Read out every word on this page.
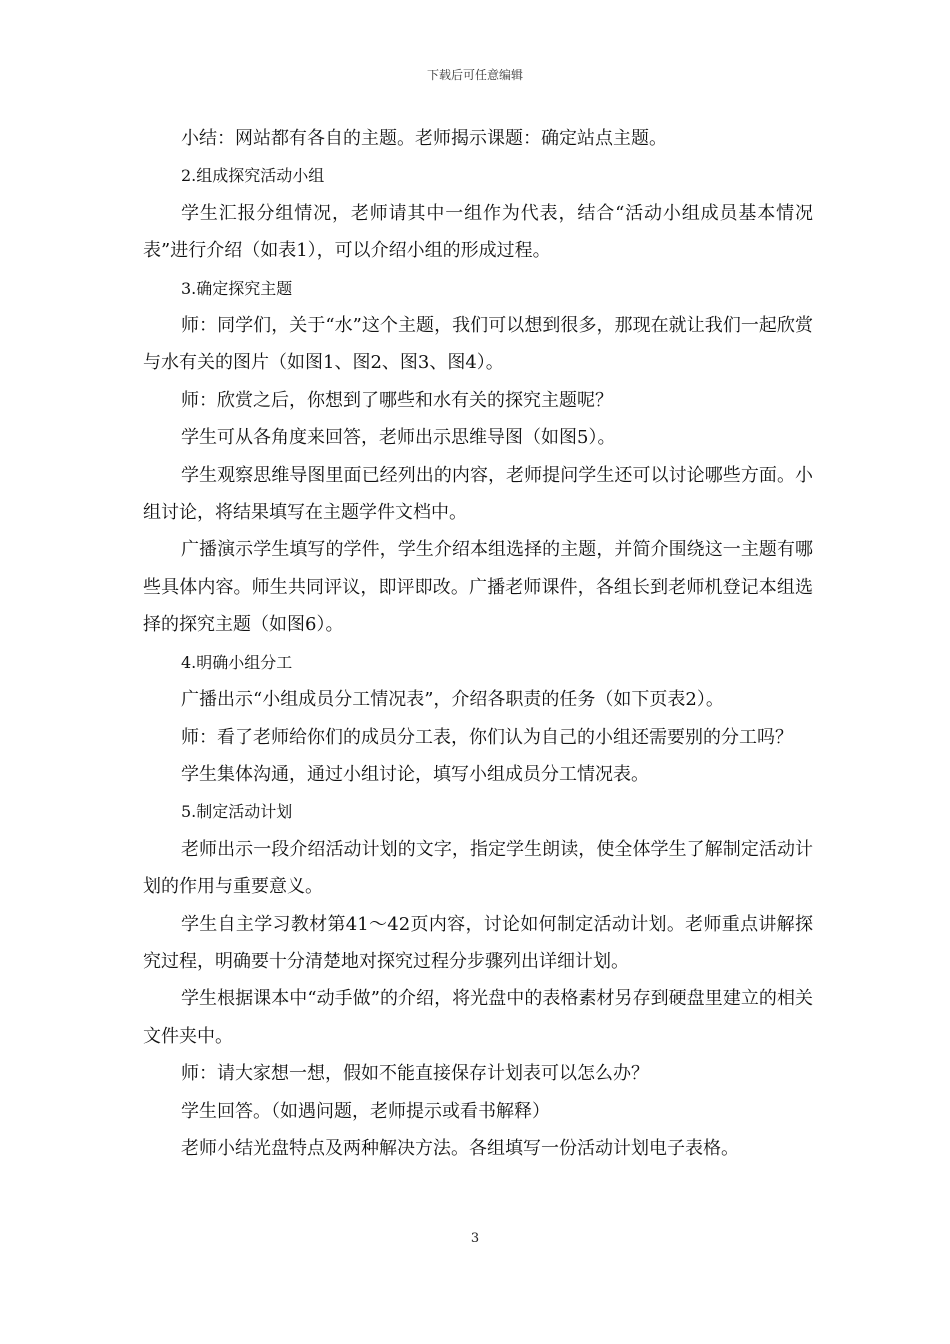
下载后可任意编辑

小结：网站都有各自的主题。老师揭示课题：确定站点主题。

2.组成探究活动小组

学生汇报分组情况，老师请其中一组作为代表，结合“活动小组成员基本情况表”进行介绍（如表1），可以介绍小组的形成过程。

3.确定探究主题

师：同学们，关于“水”这个主题，我们可以想到很多，那现在就让我们一起欣赏与水有关的图片（如图1、图2、图3、图4）。

师：欣赏之后，你想到了哪些和水有关的探究主题呢？

学生可从各角度来回答，老师出示思维导图（如图5）。

学生观察思维导图里面已经列出的内容，老师提问学生还可以讨论哪些方面。小组讨论，将结果填写在主题学件文档中。

广播演示学生填写的学件，学生介绍本组选择的主题，并简介围绕这一主题有哪些具体内容。师生共同评议，即评即改。广播老师课件，各组长到老师机登记本组选择的探究主题（如图6）。

4.明确小组分工

广播出示“小组成员分工情况表”，介绍各职责的任务（如下页表2）。

师：看了老师给你们的成员分工表，你们认为自己的小组还需要别的分工吗？

学生集体沟通，通过小组讨论，填写小组成员分工情况表。

5.制定活动计划

老师出示一段介绍活动计划的文字，指定学生朗读，使全体学生了解制定活动计划的作用与重要意义。

学生自主学习教材第41～42页内容，讨论如何制定活动计划。老师重点讲解探究过程，明确要十分清楚地对探究过程分步骤列出详细计划。

学生根据课本中“动手做”的介绍，将光盘中的表格素材另存到硬盘里建立的相关文件夹中。

师：请大家想一想，假如不能直接保存计划表可以怎么办？

学生回答。（如遇问题，老师提示或看书解释）

老师小结光盘特点及两种解决方法。各组填写一份活动计划电子表格。

3
